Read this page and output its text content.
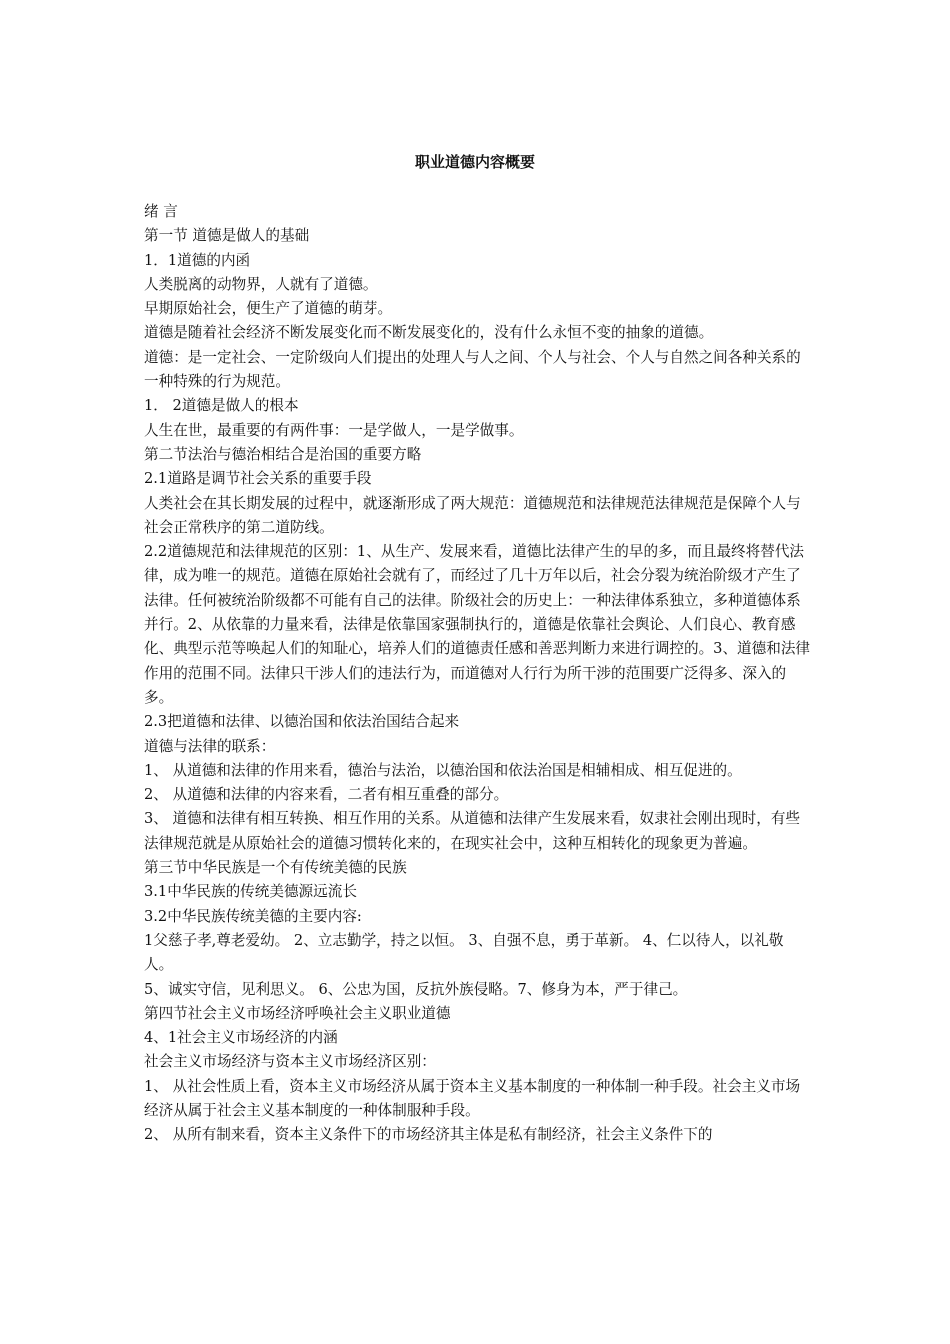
职业道德内容概要

绪 言

第一节 道德是做人的基础

1．1道德的内函

人类脱离的动物界，人就有了道德。

早期原始社会，便生产了道德的萌芽。

道德是随着社会经济不断发展变化而不断发展变化的，没有什么永恒不变的抽象的道德。

道德：是一定社会、一定阶级向人们提出的处理人与人之间、个人与社会、个人与自然之间各种关系的一种特殊的行为规范。

1． 2道德是做人的根本

人生在世，最重要的有两件事：一是学做人，一是学做事。

第二节法治与德治相结合是治国的重要方略

2.1道路是调节社会关系的重要手段

人类社会在其长期发展的过程中，就逐渐形成了两大规范：道德规范和法律规范法律规范是保障个人与社会正常秩序的第二道防线。

2.2道德规范和法律规范的区别：1、从生产、发展来看，道德比法律产生的早的多，而且最终将替代法律，成为唯一的规范。道德在原始社会就有了，而经过了几十万年以后，社会分裂为统治阶级才产生了法律。任何被统治阶级都不可能有自己的法律。阶级社会的历史上：一种法律体系独立，多种道德体系并行。2、从依靠的力量来看，法律是依靠国家强制执行的，道德是依靠社会舆论、人们良心、教育感化、典型示范等唤起人们的知耻心，培养人们的道德责任感和善恶判断力来进行调控的。3、道德和法律作用的范围不同。法律只干涉人们的违法行为，而道德对人行行为所干涉的范围要广泛得多、深入的多。

2.3把道德和法律、以德治国和依法治国结合起来

道德与法律的联系：

1、 从道德和法律的作用来看，德治与法治，以德治国和依法治国是相辅相成、相互促进的。

2、 从道德和法律的内容来看，二者有相互重叠的部分。

3、 道德和法律有相互转换、相互作用的关系。从道德和法律产生发展来看，奴隶社会刚出现时，有些法律规范就是从原始社会的道德习惯转化来的，在现实社会中，这种互相转化的现象更为普遍。

第三节中华民族是一个有传统美德的民族

3.1中华民族的传统美德源远流长

3.2中华民族传统美德的主要内容:

1父慈子孝,尊老爱幼。 2、立志勤学，持之以恒。 3、自强不息，勇于革新。 4、仁以待人，以礼敬人。

5、诚实守信，见利思义。 6、公忠为国，反抗外族侵略。7、修身为本，严于律己。

第四节社会主义市场经济呼唤社会主义职业道德

4、1社会主义市场经济的内涵

社会主义市场经济与资本主义市场经济区别：

1、 从社会性质上看，资本主义市场经济从属于资本主义基本制度的一种体制一种手段。社会主义市场经济从属于社会主义基本制度的一种体制服种手段。

2、 从所有制来看，资本主义条件下的市场经济其主体是私有制经济，社会主义条件下的
